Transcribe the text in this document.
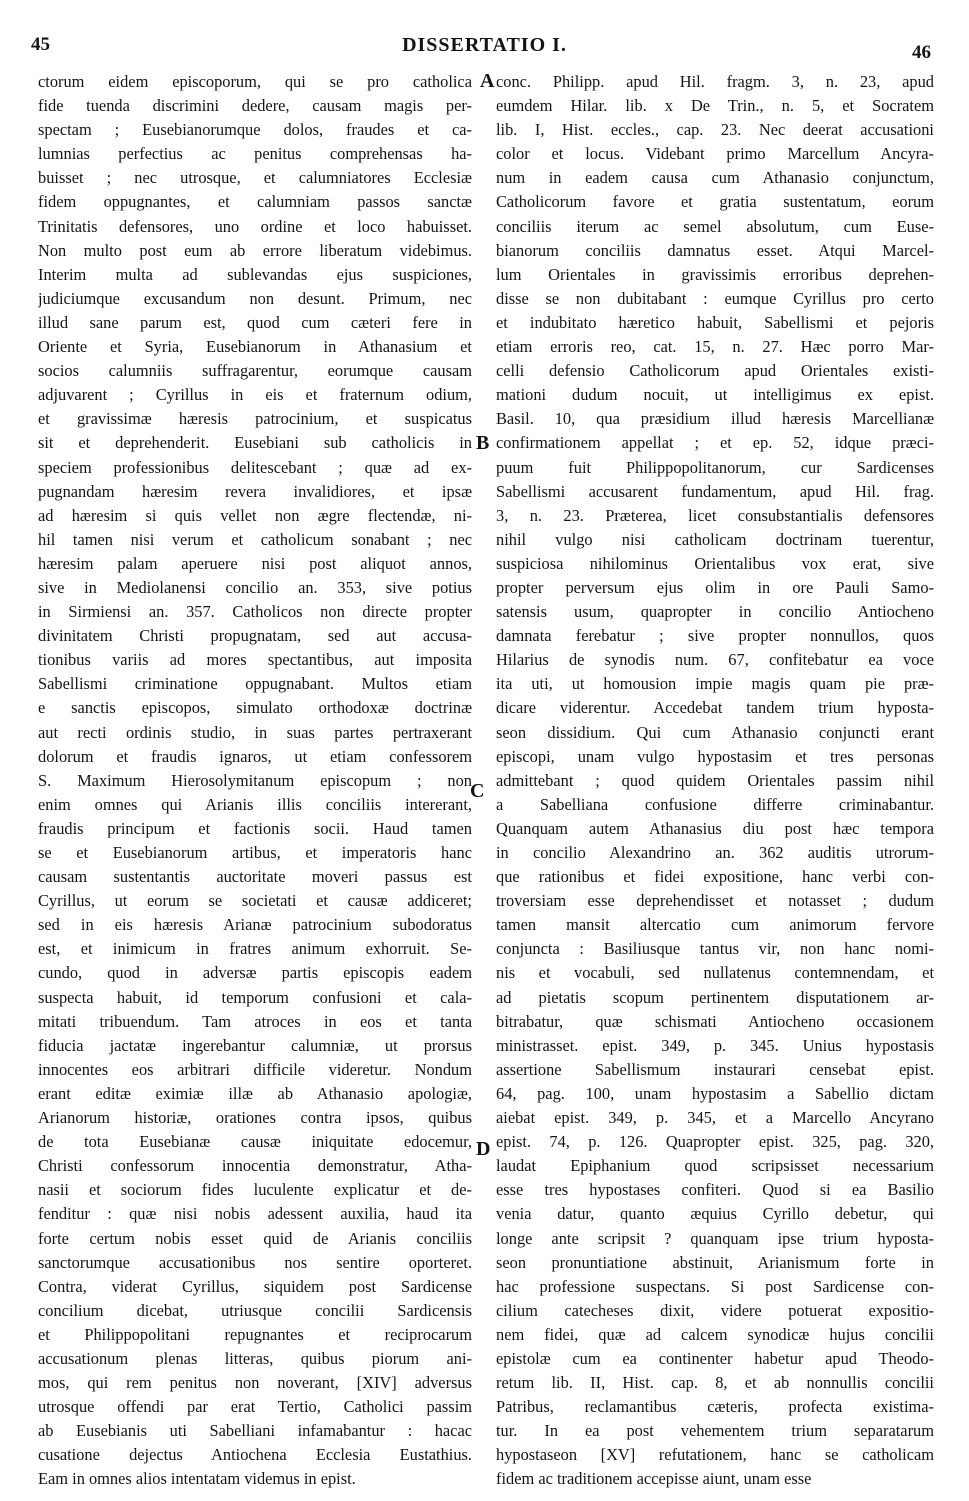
45	DISSERTATIO I.	46
A
B
C
D
ctorum eidem episcoporum, qui se pro catholica
fide tuenda discrimini dedere, causam magis per-
spectam ; Eusebianorumque dolos, fraudes et ca-
lumnias perfectius ac penitus comprehensas ha-
buisset ; nec utrosque, et calumniatores Ecclesiæ
fidem oppugnantes, et calumniam passos sanctæ
Trinitatis defensores, uno ordine et loco habuisset.
Non multo post eum ab errore liberatum videbimus.
Interim multa ad sublevandas ejus suspiciones,
judiciumque excusandum non desunt. Primum, nec
illud sane parum est, quod cum cæteri fere in
Oriente et Syria, Eusebianorum in Athanasium et
socios calumniis suffragarentur, eorumque causam
adjuvarent ; Cyrillus in eis et fraternum odium,
et gravissimæ hæresis patrocinium, et suspicatus
sit et deprehenderit. Eusebiani sub catholicis in
speciem professionibus delitescebant ; quæ ad ex-
pugnandam hæresim revera invalidiores, et ipsæ
ad hæresim si quis vellet non ægre flectendæ, ni-
hil tamen nisi verum et catholicum sonabant ; nec
hæresim palam aperuere nisi post aliquot annos,
sive in Mediolanensi concilio an. 353, sive potius
in Sirmiensi an. 357. Catholicos non directe propter
divinitatem Christi propugnatam, sed aut accusa-
tionibus variis ad mores spectantibus, aut imposita
Sabellismi criminatione oppugnabant. Multos etiam
e sanctis episcopos, simulato orthodoxæ doctrinæ
aut recti ordinis studio, in suas partes pertraxerant
dolorum et fraudis ignaros, ut etiam confessorem
S. Maximum Hierosolymitanum episcopum ; non
enim omnes qui Arianis illis conciliis intererant,
fraudis principum et factionis socii. Haud tamen
se et Eusebianorum artibus, et imperatoris hanc
causam sustentantis auctoritate moveri passus est
Cyrillus, ut eorum se societati et causæ addiceret;
sed in eis hæresis Arianæ patrocinium subodoratus
est, et inimicum in fratres animum exhorruit. Se-
cundo, quod in adversæ partis episcopis eadem
suspecta habuit, id temporum confusioni et cala-
mitati tribuendum. Tam atroces in eos et tanta
fiducia jactatæ ingerebantur calumniæ, ut prorsus
innocentes eos arbitrari difficile videretur. Nondum
erant editæ eximiæ illæ ab Athanasio apologiæ,
Arianorum historiæ, orationes contra ipsos, quibus
de tota Eusebianæ causæ iniquitate edocemur,
Christi confessorum innocentia demonstratur, Atha-
nasii et sociorum fides luculente explicatur et de-
fenditur : quæ nisi nobis adessent auxilia, haud ita
forte certum nobis esset quid de Arianis conciliis
sanctorumque accusationibus nos sentire oporteret.
Contra, viderat Cyrillus, siquidem post Sardicense
concilium dicebat, utriusque concilii Sardicensis
et Philippopolitani repugnantes et reciprocarum
accusationum plenas litteras, quibus piorum ani-
mos, qui rem penitus non noverant, [XIV] adversus
utrosque offendi par erat Tertio, Catholici passim
ab Eusebianis uti Sabelliani infamabantur : hacac
cusatione dejectus Antiochena Ecclesia Eustathius.
Eam in omnes alios intentatam videmus in epist.
conc. Philipp. apud Hil. fragm. 3, n. 23, apud
eumdem Hilar. lib. x De Trin., n. 5, et Socratem
lib. I, Hist. eccles., cap. 23. Nec deerat accusationi
color et locus. Videbant primo Marcellum Ancyra-
num in eadem causa cum Athanasio conjunctum,
Catholicorum favore et gratia sustentatum, eorum
conciliis iterum ac semel absolutum, cum Euse-
bianorum conciliis damnatus esset. Atqui Marcel-
lum Orientales in gravissimis erroribus deprehen-
disse se non dubitabant : eumque Cyrillus pro certo
et indubitato hæretico habuit, Sabellismi et pejoris
etiam erroris reo, cat. 15, n. 27. Hæc porro Mar-
celli defensio Catholicorum apud Orientales existi-
mationi dudum nocuit, ut intelligimus ex epist.
Basil. 10, qua præsidium illud hæresis Marcellianæ
confirmationem appellat ; et ep. 52, idque præci-
puum fuit Philippopolitanorum, cur Sardicenses
Sabellismi accusarent fundamentum, apud Hil. frag.
3, n. 23. Præterea, licet consubstantialis defensores
nihil vulgo nisi catholicam doctrinam tuerentur,
suspiciosa nihilominus Orientalibus vox erat, sive
propter perversum ejus olim in ore Pauli Samo-
satensis usum, quapropter in concilio Antiocheno
damnata ferebatur ; sive propter nonnullos, quos
Hilarius de synodis num. 67, confitebatur ea voce
ita uti, ut homousion impie magis quam pie præ-
dicare viderentur. Accedebat tandem trium hyposta-
seon dissidium. Qui cum Athanasio conjuncti erant
episcopi, unam vulgo hypostasim et tres personas
admittebant ; quod quidem Orientales passim nihil
a Sabelliana confusione differre criminabantur.
Quanquam autem Athanasius diu post hæc tempora
in concilio Alexandrino an. 362 auditis utrorum-
que rationibus et fidei expositione, hanc verbi con-
troversiam esse deprehendisset et notasset ; dudum
tamen mansit altercatio cum animorum fervore
conjuncta : Basiliusque tantus vir, non hanc nomi-
nis et vocabuli, sed nullatenus contemnendam, et
ad pietatis scopum pertinentem disputationem ar-
bitrabatur, quæ schismati Antiocheno occasionem
ministrasset. epist. 349, p. 345. Unius hypostasis
assertione Sabellismum instaurari censebat epist.
64, pag. 100, unam hypostasim a Sabellio dictam
aiebat epist. 349, p. 345, et a Marcello Ancyrano
epist. 74, p. 126. Quapropter epist. 325, pag. 320,
laudat Epiphanium quod scripsisset necessarium
esse tres hypostases confiteri. Quod si ea Basilio
venia datur, quanto æquius Cyrillo debetur, qui
longe ante scripsit ? quanquam ipse trium hyposta-
seon pronuntiatione abstinuit, Arianismum forte in
hac professione suspectans. Si post Sardicense con-
cilium catecheses dixit, videre potuerat expositio-
nem fidei, quæ ad calcem synodicæ hujus concilii
epistolæ cum ea continenter habetur apud Theodo-
retum lib. II, Hist. cap. 8, et ab nonnullis concilii
Patribus, reclamantibus cæteris, profecta existima-
tur. In ea post vehementem trium separatarum
hypostaseon [XV] refutationem, hanc se catholicam
fidem ac traditionem accepisse aiunt, unam esse
